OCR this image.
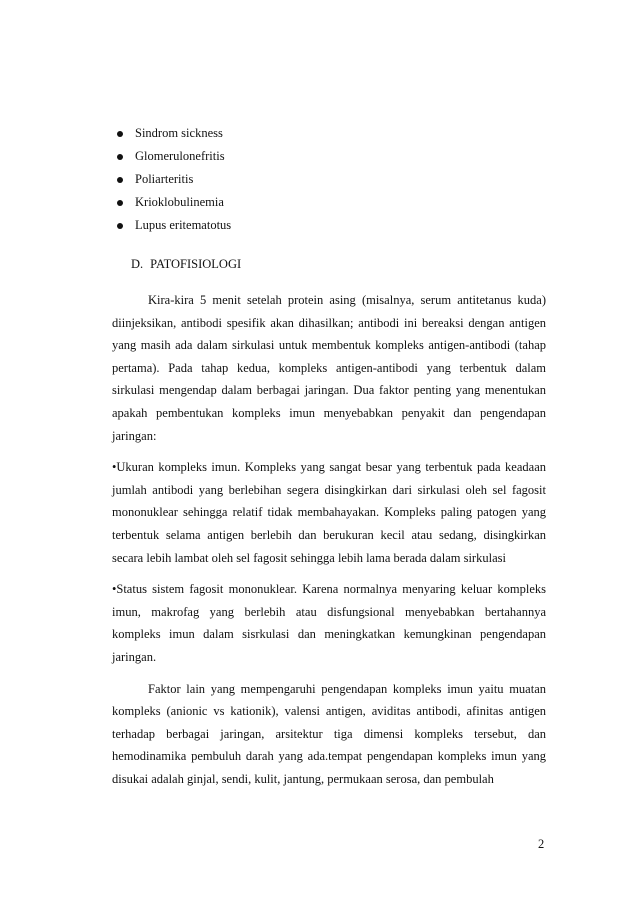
Sindrom sickness
Glomerulonefritis
Poliarteritis
Krioklobulinemia
Lupus eritematotus
D. PATOFISIOLOGI

Kira-kira 5 menit setelah protein asing (misalnya, serum antitetanus kuda) diinjeksikan, antibodi spesifik akan dihasilkan; antibodi ini bereaksi dengan antigen yang masih ada dalam sirkulasi untuk membentuk kompleks antigen-antibodi (tahap pertama). Pada tahap kedua, kompleks antigen-antibodi yang terbentuk dalam sirkulasi mengendap dalam berbagai jaringan. Dua faktor penting yang menentukan apakah pembentukan kompleks imun menyebabkan penyakit dan pengendapan jaringan:

•Ukuran kompleks imun. Kompleks yang sangat besar yang terbentuk pada keadaan jumlah antibodi yang berlebihan segera disingkirkan dari sirkulasi oleh sel fagosit mononuklear sehingga relatif tidak membahayakan. Kompleks paling patogen yang terbentuk selama antigen berlebih dan berukuran kecil atau sedang, disingkirkan secara lebih lambat oleh sel fagosit sehingga lebih lama berada dalam sirkulasi

•Status sistem fagosit mononuklear. Karena normalnya menyaring keluar kompleks imun, makrofag yang berlebih atau disfungsional menyebabkan bertahannya kompleks imun dalam sisrkulasi dan meningkatkan kemungkinan pengendapan jaringan.

Faktor lain yang mempengaruhi pengendapan kompleks imun yaitu muatan kompleks (anionic vs kationik), valensi antigen, aviditas antibodi, afinitas antigen terhadap berbagai jaringan, arsitektur tiga dimensi kompleks tersebut, dan hemodinamika pembuluh darah yang ada.tempat pengendapan kompleks imun yang disukai adalah ginjal, sendi, kulit, jantung, permukaan serosa, dan pembulah

2
